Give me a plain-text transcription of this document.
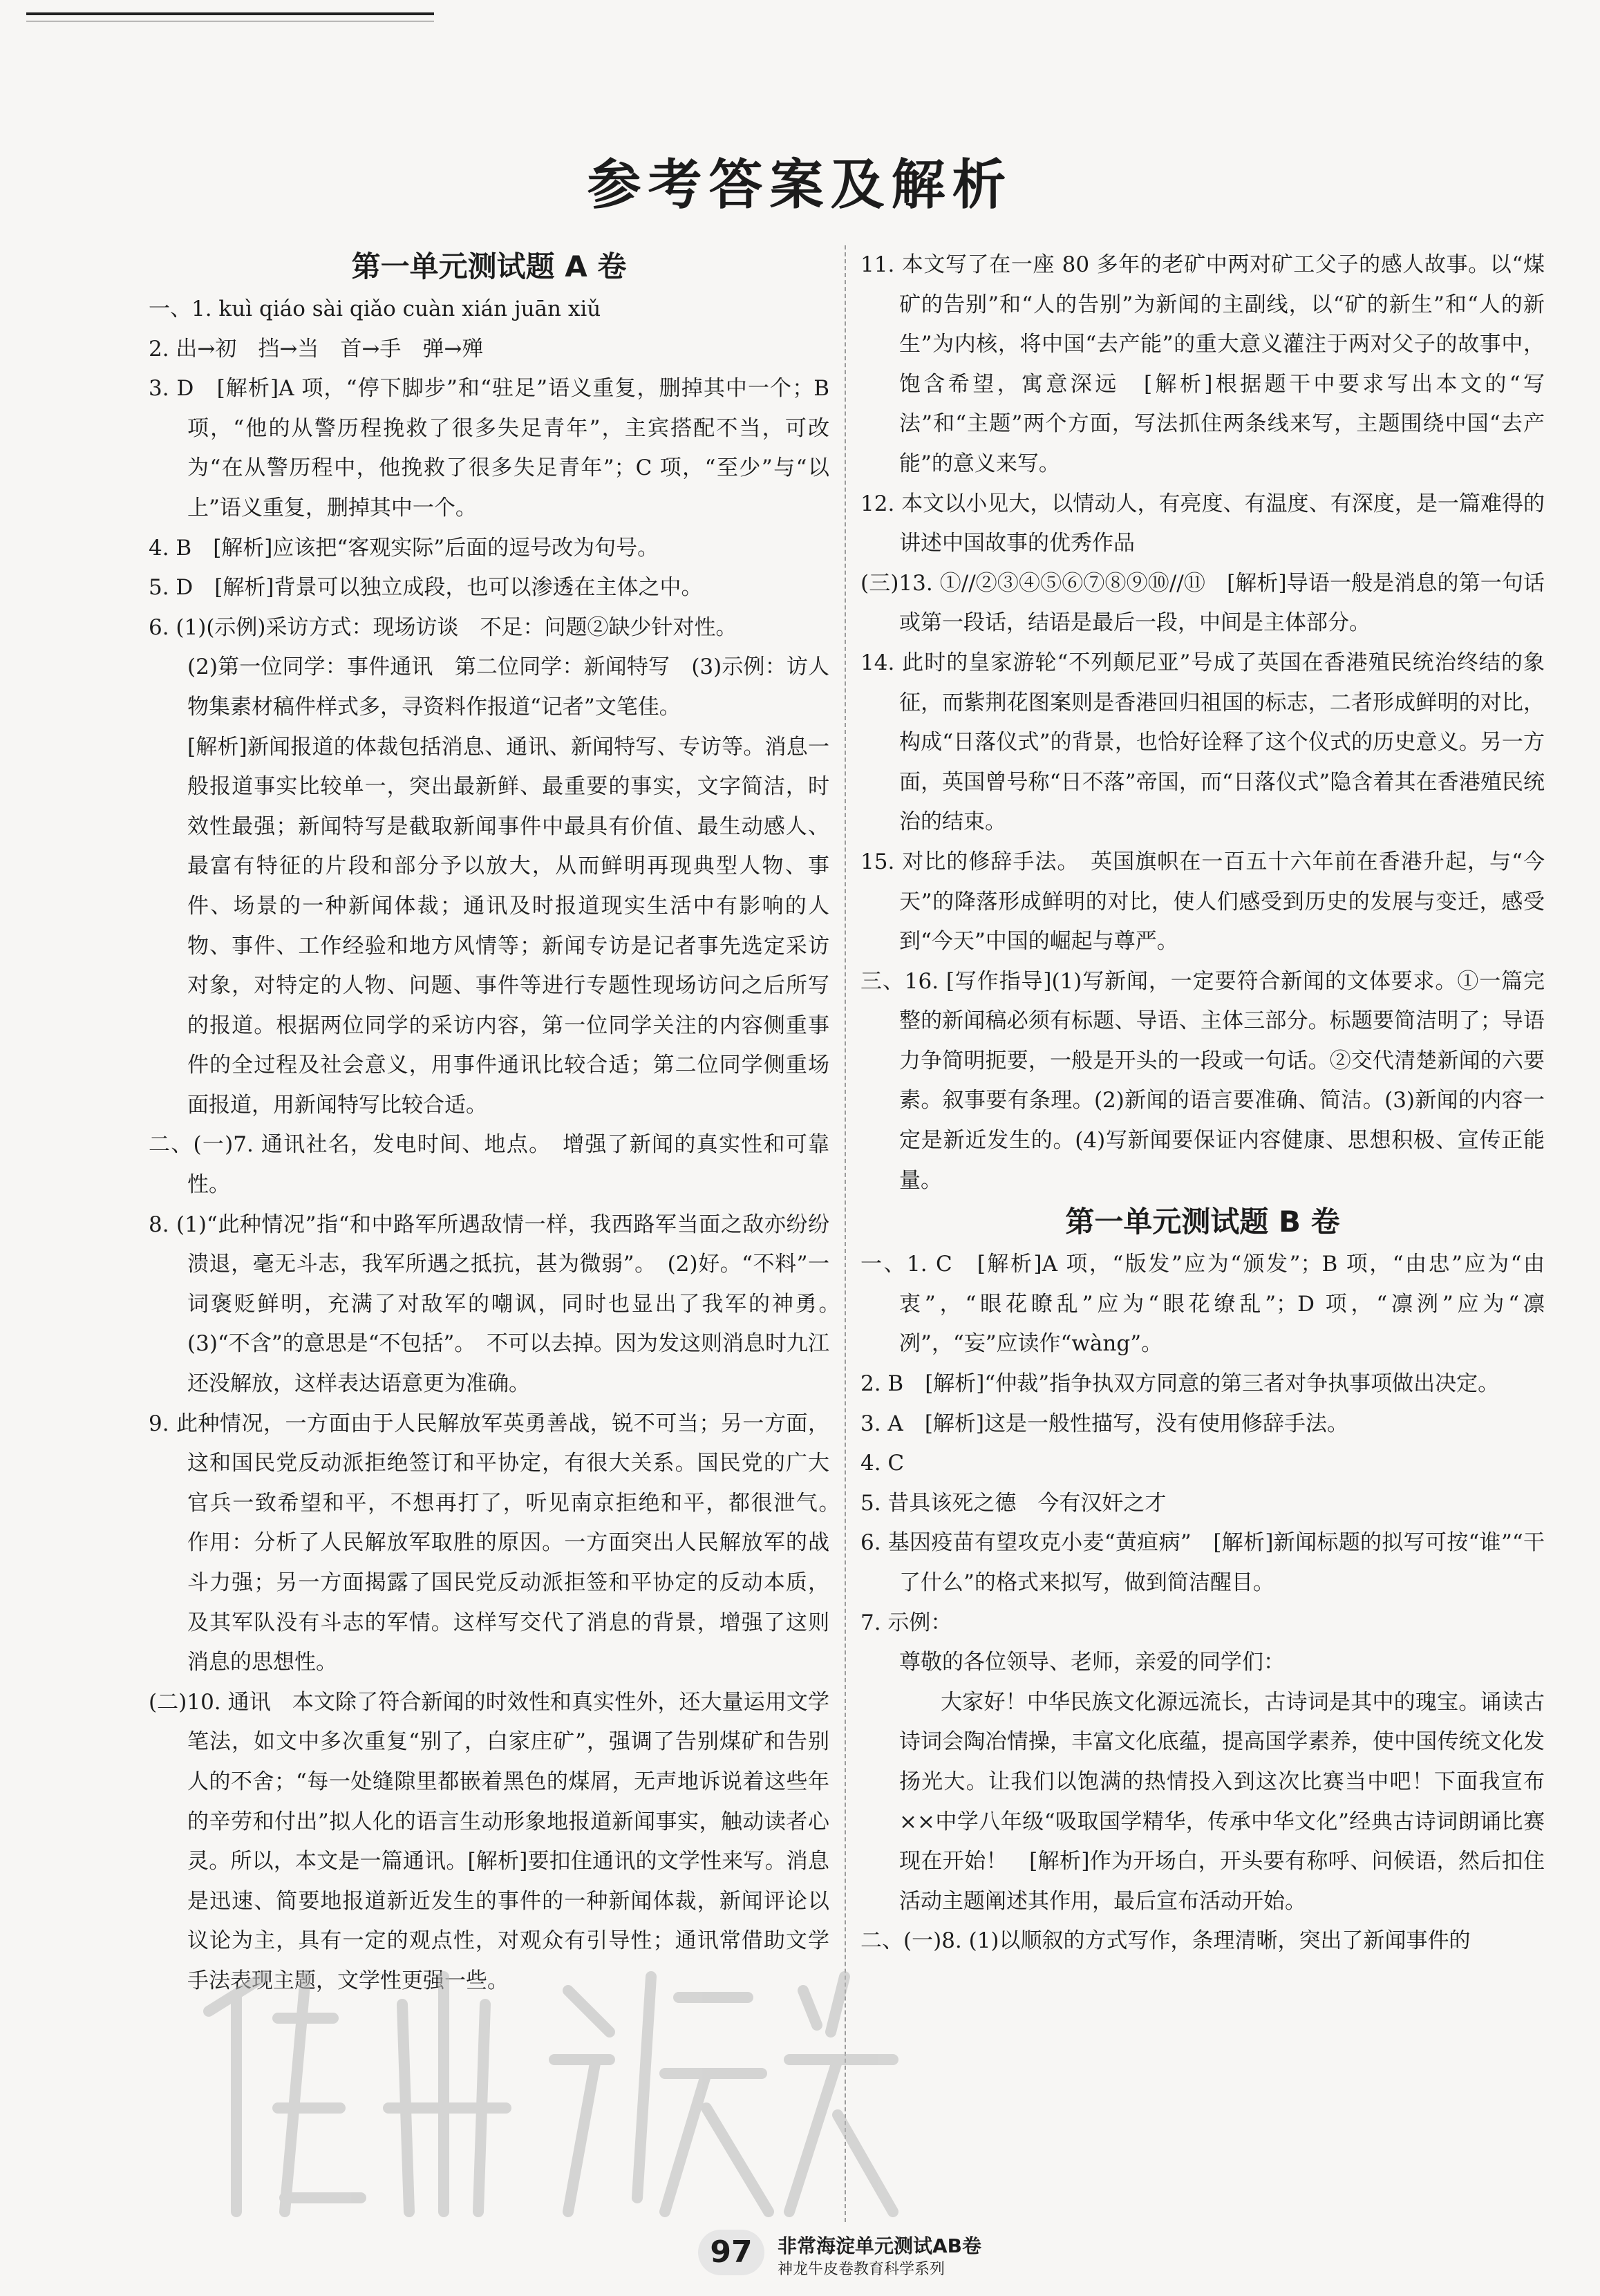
参考答案及解析
第一单元测试题 A 卷

一、1. kuì qiáo sài qiǎo cuàn xián juān xiǔ

2. 出→初　挡→当　首→手　弹→殚

3. D　[解析]A 项，“停下脚步”和“驻足”语义重复，删掉其中一个；B 项，“他的从警历程挽救了很多失足青年”，主宾搭配不当，可改为“在从警历程中，他挽救了很多失足青年”；C 项，“至少”与“以上”语义重复，删掉其中一个。

4. B　[解析]应该把“客观实际”后面的逗号改为句号。

5. D　[解析]背景可以独立成段，也可以渗透在主体之中。

6. (1)(示例)采访方式：现场访谈　不足：问题②缺少针对性。

(2)第一位同学：事件通讯　第二位同学：新闻特写　(3)示例：访人物集素材稿件样式多，寻资料作报道“记者”文笔佳。

[解析]新闻报道的体裁包括消息、通讯、新闻特写、专访等。消息一般报道事实比较单一，突出最新鲜、最重要的事实，文字简洁，时效性最强；新闻特写是截取新闻事件中最具有价值、最生动感人、最富有特征的片段和部分予以放大，从而鲜明再现典型人物、事件、场景的一种新闻体裁；通讯及时报道现实生活中有影响的人物、事件、工作经验和地方风情等；新闻专访是记者事先选定采访对象，对特定的人物、问题、事件等进行专题性现场访问之后所写的报道。根据两位同学的采访内容，第一位同学关注的内容侧重事件的全过程及社会意义，用事件通讯比较合适；第二位同学侧重场面报道，用新闻特写比较合适。

二、(一)7. 通讯社名，发电时间、地点。　增强了新闻的真实性和可靠性。

8. (1)“此种情况”指“和中路军所遇敌情一样，我西路军当面之敌亦纷纷溃退，毫无斗志，我军所遇之抵抗，甚为微弱”。　(2)好。“不料”一词褒贬鲜明，充满了对敌军的嘲讽，同时也显出了我军的神勇。　(3)“不含”的意思是“不包括”。　不可以去掉。因为发这则消息时九江还没解放，这样表达语意更为准确。

9. 此种情况，一方面由于人民解放军英勇善战，锐不可当；另一方面，这和国民党反动派拒绝签订和平协定，有很大关系。国民党的广大官兵一致希望和平，不想再打了，听见南京拒绝和平，都很泄气。　作用：分析了人民解放军取胜的原因。一方面突出人民解放军的战斗力强；另一方面揭露了国民党反动派拒签和平协定的反动本质，及其军队没有斗志的军情。这样写交代了消息的背景，增强了这则消息的思想性。

(二)10. 通讯　本文除了符合新闻的时效性和真实性外，还大量运用文学笔法，如文中多次重复“别了，白家庄矿”，强调了告别煤矿和告别人的不舍；“每一处缝隙里都嵌着黑色的煤屑，无声地诉说着这些年的辛劳和付出”拟人化的语言生动形象地报道新闻事实，触动读者心灵。所以，本文是一篇通讯。[解析]要扣住通讯的文学性来写。消息是迅速、简要地报道新近发生的事件的一种新闻体裁，新闻评论以议论为主，具有一定的观点性，对观众有引导性；通讯常借助文学手法表现主题，文学性更强一些。

11. 本文写了在一座 80 多年的老矿中两对矿工父子的感人故事。以“煤矿的告别”和“人的告别”为新闻的主副线，以“矿的新生”和“人的新生”为内核，将中国“去产能”的重大意义灌注于两对父子的故事中，饱含希望，寓意深远　[解析]根据题干中要求写出本文的“写法”和“主题”两个方面，写法抓住两条线来写，主题围绕中国“去产能”的意义来写。

12. 本文以小见大，以情动人，有亮度、有温度、有深度，是一篇难得的讲述中国故事的优秀作品

(三)13. ①//②③④⑤⑥⑦⑧⑨⑩//⑪　[解析]导语一般是消息的第一句话或第一段话，结语是最后一段，中间是主体部分。

14. 此时的皇家游轮“不列颠尼亚”号成了英国在香港殖民统治终结的象征，而紫荆花图案则是香港回归祖国的标志，二者形成鲜明的对比，构成“日落仪式”的背景，也恰好诠释了这个仪式的历史意义。另一方面，英国曾号称“日不落”帝国，而“日落仪式”隐含着其在香港殖民统治的结束。

15. 对比的修辞手法。　英国旗帜在一百五十六年前在香港升起，与“今天”的降落形成鲜明的对比，使人们感受到历史的发展与变迁，感受到“今天”中国的崛起与尊严。

三、16. [写作指导](1)写新闻，一定要符合新闻的文体要求。①一篇完整的新闻稿必须有标题、导语、主体三部分。标题要简洁明了；导语力争简明扼要，一般是开头的一段或一句话。②交代清楚新闻的六要素。叙事要有条理。(2)新闻的语言要准确、简洁。(3)新闻的内容一定是新近发生的。(4)写新闻要保证内容健康、思想积极、宣传正能量。

第一单元测试题 B 卷

一、1. C　[解析]A 项，“版发”应为“颁发”；B 项，“由忠”应为“由衷”，“眼花瞭乱”应为“眼花缭乱”；D 项，“凛洌”应为“凛冽”，“妄”应读作“wàng”。

2. B　[解析]“仲裁”指争执双方同意的第三者对争执事项做出决定。

3. A　[解析]这是一般性描写，没有使用修辞手法。

4. C

5. 昔具该死之德　今有汉奸之才

6. 基因疫苗有望攻克小麦“黄疸病”　[解析]新闻标题的拟写可按“谁”“干了什么”的格式来拟写，做到简洁醒目。

7. 示例：

尊敬的各位领导、老师，亲爱的同学们：

大家好！中华民族文化源远流长，古诗词是其中的瑰宝。诵读古诗词会陶冶情操，丰富文化底蕴，提高国学素养，使中国传统文化发扬光大。让我们以饱满的热情投入到这次比赛当中吧！下面我宣布××中学八年级“吸取国学精华，传承中华文化”经典古诗词朗诵比赛现在开始！　[解析]作为开场白，开头要有称呼、问候语，然后扣住活动主题阐述其作用，最后宣布活动开始。

二、(一)8. (1)以顺叙的方式写作，条理清晰，突出了新闻事件的

97	非常海淀单元测试AB卷
神龙牛皮卷教育科学系列
